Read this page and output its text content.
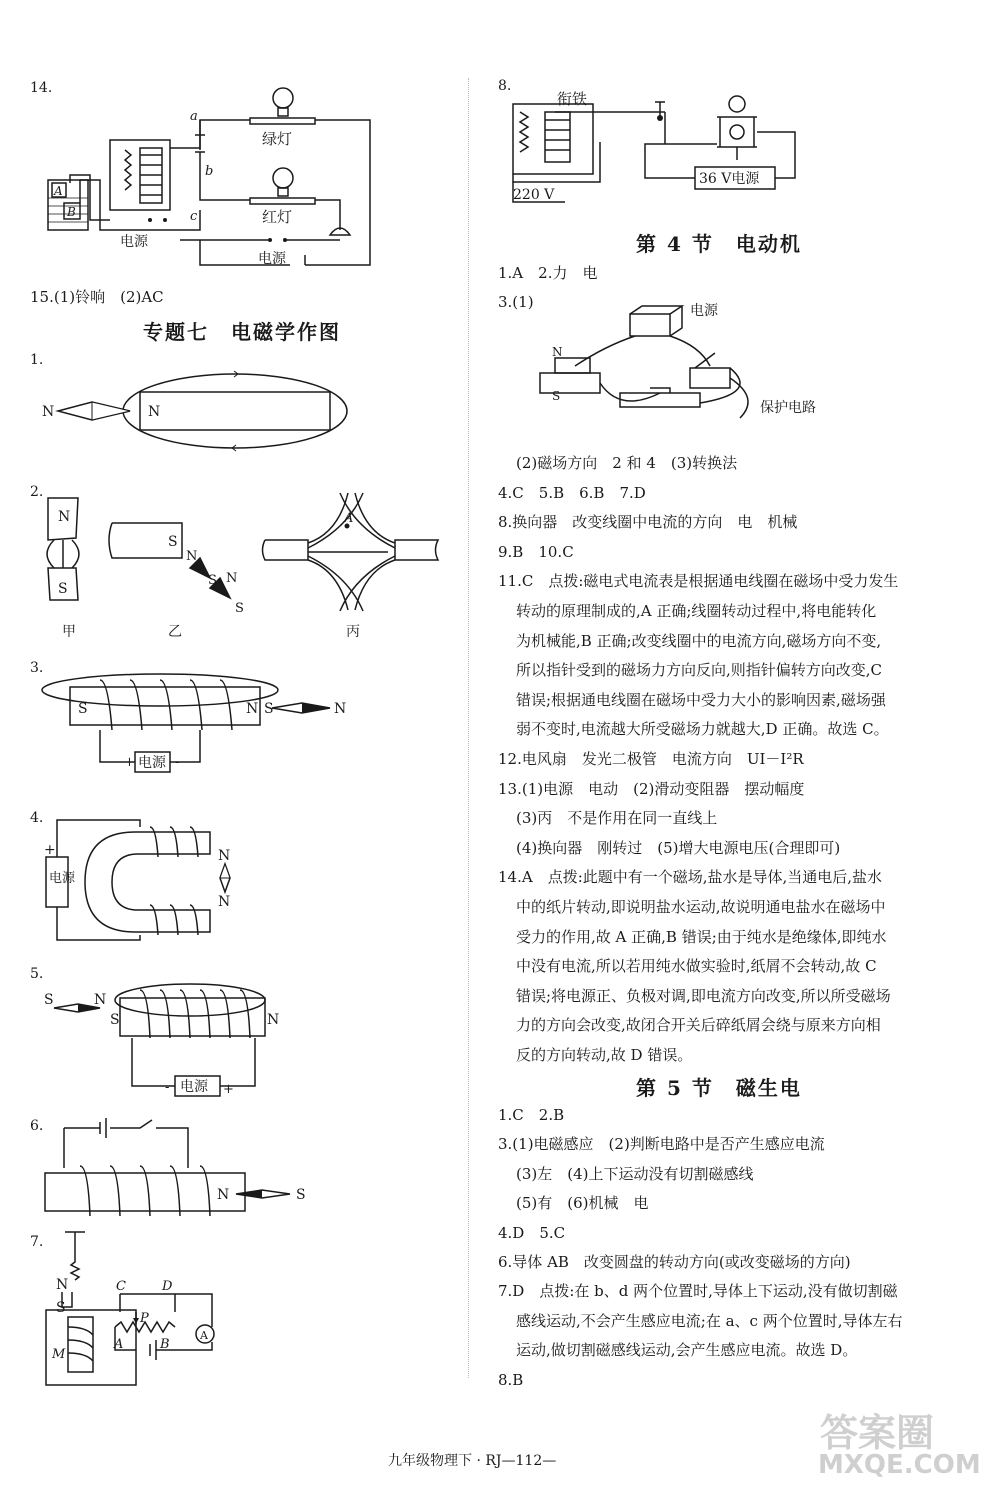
14.
a
b
c
绿灯
红灯
A
B
电源
电源
15.(1)铃响　(2)AC
专题七　电磁学作图
1.
N	N
2.
N
S
S
N
S N
S
A
甲	乙	丙
3.
S	N S	N
+	-
电源
4.
+
电源
N
N
5.
S	N
S	N
-	+
电源
6.
N	S
7.
N
S
C	D
P
A	B
M
A
8.
衔铁
220 V
36 V电源
第 4 节　电动机
1.A　2.力　电
3.(1)	电源
保护电路
N
S
(2)磁场方向　2 和 4　(3)转换法
4.C　5.B　6.B　7.D
8.换向器　改变线圈中电流的方向　电　机械
9.B　10.C
11.C　点拨:磁电式电流表是根据通电线圈在磁场中受力发生
转动的原理制成的,A 正确;线圈转动过程中,将电能转化
为机械能,B 正确;改变线圈中的电流方向,磁场方向不变,
所以指针受到的磁场力方向反向,则指针偏转方向改变,C
错误;根据通电线圈在磁场中受力大小的影响因素,磁场强
弱不变时,电流越大所受磁场力就越大,D 正确。故选 C。
12.电风扇　发光二极管　电流方向　UI－I²R
13.(1)电源　电动　(2)滑动变阻器　摆动幅度
(3)丙　不是作用在同一直线上
(4)换向器　刚转过　(5)增大电源电压(合理即可)
14.A　点拨:此题中有一个磁场,盐水是导体,当通电后,盐水
中的纸片转动,即说明盐水运动,故说明通电盐水在磁场中
受力的作用,故 A 正确,B 错误;由于纯水是绝缘体,即纯水
中没有电流,所以若用纯水做实验时,纸屑不会转动,故 C
错误;将电源正、负极对调,即电流方向改变,所以所受磁场
力的方向会改变,故闭合开关后碎纸屑会绕与原来方向相
反的方向转动,故 D 错误。
第 5 节　磁生电
1.C　2.B
3.(1)电磁感应　(2)判断电路中是否产生感应电流
(3)左　(4)上下运动没有切割磁感线
(5)有　(6)机械　电
4.D　5.C
6.导体 AB　改变圆盘的转动方向(或改变磁场的方向)
7.D　点拨:在 b、d 两个位置时,导体上下运动,没有做切割磁
感线运动,不会产生感应电流;在 a、c 两个位置时,导体左右
运动,做切割磁感线运动,会产生感应电流。故选 D。
8.B
九年级物理下 · RJ—112—
答案圈
MXQE.COM
